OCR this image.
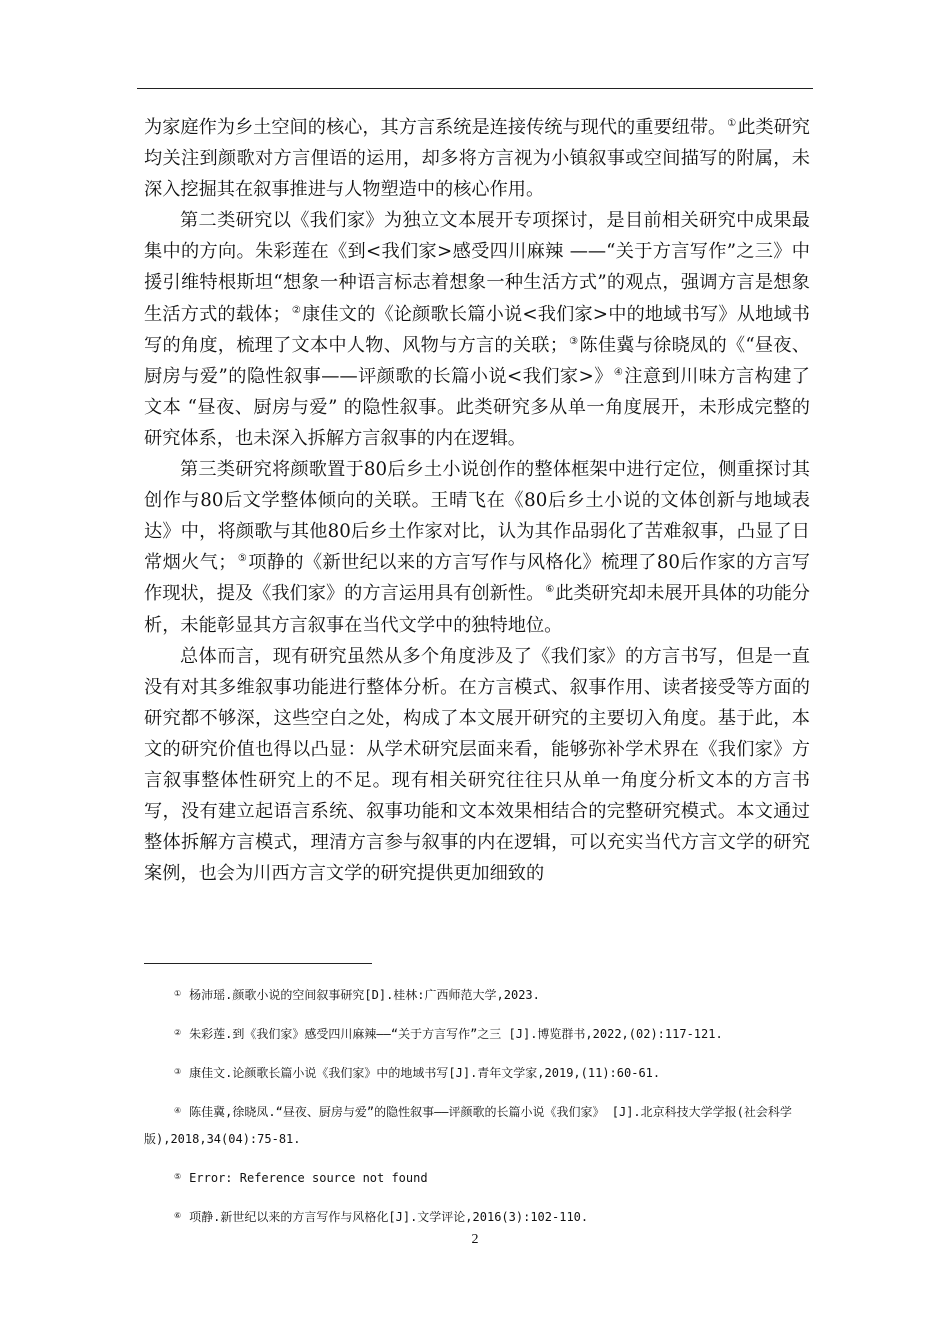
为家庭作为乡土空间的核心，其方言系统是连接传统与现代的重要纽带。①此类研究均关注到颜歌对方言俚语的运用，却多将方言视为小镇叙事或空间描写的附属，未深入挖掘其在叙事推进与人物塑造中的核心作用。

第二类研究以《我们家》为独立文本展开专项探讨，是目前相关研究中成果最集中的方向。朱彩莲在《到<我们家>感受四川麻辣 ——“关于方言写作”之三》中援引维特根斯坦“想象一种语言标志着想象一种生活方式”的观点，强调方言是想象生活方式的载体；②康佳文的《论颜歌长篇小说<我们家>中的地域书写》从地域书写的角度，梳理了文本中人物、风物与方言的关联；③陈佳冀与徐晓凤的《“昼夜、厨房与爱”的隐性叙事——评颜歌的长篇小说<我们家>》④注意到川味方言构建了文本 “昼夜、厨房与爱” 的隐性叙事。此类研究多从单一角度展开，未形成完整的研究体系，也未深入拆解方言叙事的内在逻辑。

第三类研究将颜歌置于80后乡土小说创作的整体框架中进行定位，侧重探讨其创作与80后文学整体倾向的关联。王晴飞在《80后乡土小说的文体创新与地域表达》中，将颜歌与其他80后乡土作家对比，认为其作品弱化了苦难叙事，凸显了日常烟火气；⑤项静的《新世纪以来的方言写作与风格化》梳理了80后作家的方言写作现状，提及《我们家》的方言运用具有创新性。⑥此类研究却未展开具体的功能分析，未能彰显其方言叙事在当代文学中的独特地位。

总体而言，现有研究虽然从多个角度涉及了《我们家》的方言书写，但是一直没有对其多维叙事功能进行整体分析。在方言模式、叙事作用、读者接受等方面的研究都不够深，这些空白之处，构成了本文展开研究的主要切入角度。基于此，本文的研究价值也得以凸显：从学术研究层面来看，能够弥补学术界在《我们家》方言叙事整体性研究上的不足。现有相关研究往往只从单一角度分析文本的方言书写，没有建立起语言系统、叙事功能和文本效果相结合的完整研究模式。本文通过整体拆解方言模式，理清方言参与叙事的内在逻辑，可以充实当代方言文学的研究案例，也会为川西方言文学的研究提供更加细致的

① 杨沛瑶.颜歌小说的空间叙事研究[D].桂林:广西师范大学,2023.
② 朱彩莲.到《我们家》感受四川麻辣——“关于方言写作”之三 [J].博览群书,2022,(02):117-121.
③ 康佳文.论颜歌长篇小说《我们家》中的地域书写[J].青年文学家,2019,(11):60-61.
④ 陈佳冀,徐晓凤.“昼夜、厨房与爱”的隐性叙事——评颜歌的长篇小说《我们家》 [J].北京科技大学学报(社会科学版),2018,34(04):75-81.
⑤ Error: Reference source not found
⑥ 项静.新世纪以来的方言写作与风格化[J].文学评论,2016(3):102-110.
2
